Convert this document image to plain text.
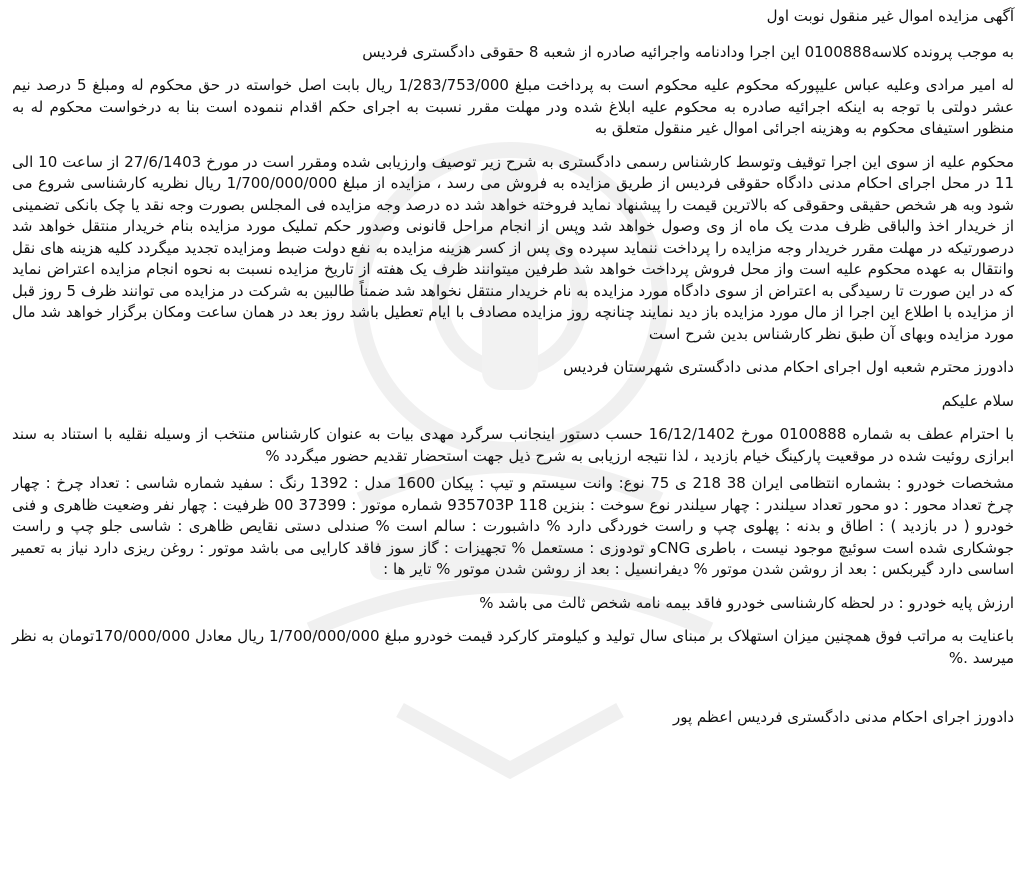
آگهی مزایده اموال غیر منقول نوبت اول

به موجب پرونده کلاسه0100888 این اجرا ودادنامه واجرائیه صادره از شعبه 8 حقوقی دادگستری فردیس

له امیر مرادی وعلیه عباس علیپورکه محکوم علیه محکوم است به پرداخت مبلغ 1/283/753/000 ریال بابت اصل خواسته در حق محکوم له ومبلغ 5 درصد نیم عشر دولتی با توجه به اینکه اجرائیه صادره به محکوم علیه ابلاغ شده ودر مهلت مقرر نسبت به اجرای حکم اقدام ننموده است بنا به درخواست محکوم له به منظور استیفای محکوم به وهزینه اجرائی اموال غیر منقول متعلق به

محکوم علیه از سوی این اجرا توقیف وتوسط کارشناس رسمی دادگستری به شرح زیر توصیف وارزیابی شده ومقرر است در مورخ 27/6/1403 از ساعت 10 الی 11 در محل اجرای احکام مدنی دادگاه حقوقی فردیس از طریق مزایده به فروش می رسد ، مزایده از مبلغ 1/700/000/000 ریال نظریه کارشناسی شروع می شود وبه هر شخص حقیقی وحقوقی که بالاترین قیمت را پیشنهاد نماید فروخته خواهد شد ده درصد وجه مزایده فی المجلس بصورت وجه نقد یا چک بانکی تضمینی از خریدار اخذ والباقی ظرف مدت یک ماه از وی وصول خواهد شد وپس از انجام مراحل قانونی وصدور حکم تملیک مورد مزایده بنام خریدار منتقل خواهد شد درصورتیکه در مهلت مقرر خریدار وجه مزایده را پرداخت ننماید سپرده وی پس از کسر هزینه مزایده به نفع دولت ضبط ومزایده تجدید میگردد کلیه هزینه های نقل وانتقال به عهده محکوم علیه است واز محل فروش پرداخت خواهد شد طرفین میتوانند ظرف یک هفته از تاریخ مزایده نسبت به نحوه انجام مزایده اعتراض نماید که در این صورت تا رسیدگی به اعتراض از سوی دادگاه مورد مزایده به نام خریدار منتقل نخواهد شد ضمناً طالبین به شرکت در مزایده می توانند ظرف 5 روز قبل از مزایده با اطلاع این اجرا از مال مورد مزایده باز دید نمایند چنانچه روز مزایده مصادف با ایام تعطیل باشد روز بعد در همان ساعت ومکان برگزار خواهد شد مال مورد مزایده وبهای آن طبق نظر کارشناس بدین شرح است

دادورز محترم شعبه اول اجرای احکام مدنی دادگستری شهرستان فردیس

سلام علیکم

با احترام عطف به شماره 0100888 مورخ 16/12/1402 حسب دستور اینجانب سرگرد مهدی بیات به عنوان کارشناس منتخب از وسیله نقلیه با استناد به سند ابرازی روئیت شده در موقعیت پارکینگ خیام بازدید ، لذا نتیجه ارزیابی به شرح ذیل جهت استحضار تقدیم حضور میگردد %

مشخصات خودرو : بشماره انتظامی ایران 38 218 ی 75 نوع: وانت سیستم و تیپ : پیکان 1600 مدل : 1392 رنگ : سفید شماره شاسی : تعداد چرخ : چهار چرخ تعداد محور : دو محور تعداد سیلندر : چهار سیلندر نوع سوخت : بنزین 118 935703P شماره موتور : 37399 00 ظرفیت : چهار نفر وضعیت ظاهری و فنی خودرو ( در بازدید ) : اطاق و بدنه : پهلوی چپ و راست خوردگی دارد % داشبورت : سالم است % صندلی دستی نقایص ظاهری : شاسی جلو چپ و راست جوشکاری شده است سوئیچ موجود نیست ، باطری CNGو تودوزی : مستعمل % تجهیزات : گاز سوز فاقد کارایی می باشد موتور : روغن ریزی دارد نیاز به تعمیر اساسی دارد گیربکس : بعد از روشن شدن موتور % دیفرانسیل : بعد از روشن شدن موتور % تایر ها :

ارزش پایه خودرو : در لحظه کارشناسی خودرو فاقد بیمه نامه شخص ثالث می باشد %

باعنایت به مراتب فوق همچنین میزان استهلاک بر مبنای سال تولید و کیلومتر کارکرد قیمت خودرو مبلغ 1/700/000/000 ریال معادل 170/000/000تومان به نظر میرسد .%

دادورز اجرای احکام مدنی دادگستری فردیس اعظم پور
